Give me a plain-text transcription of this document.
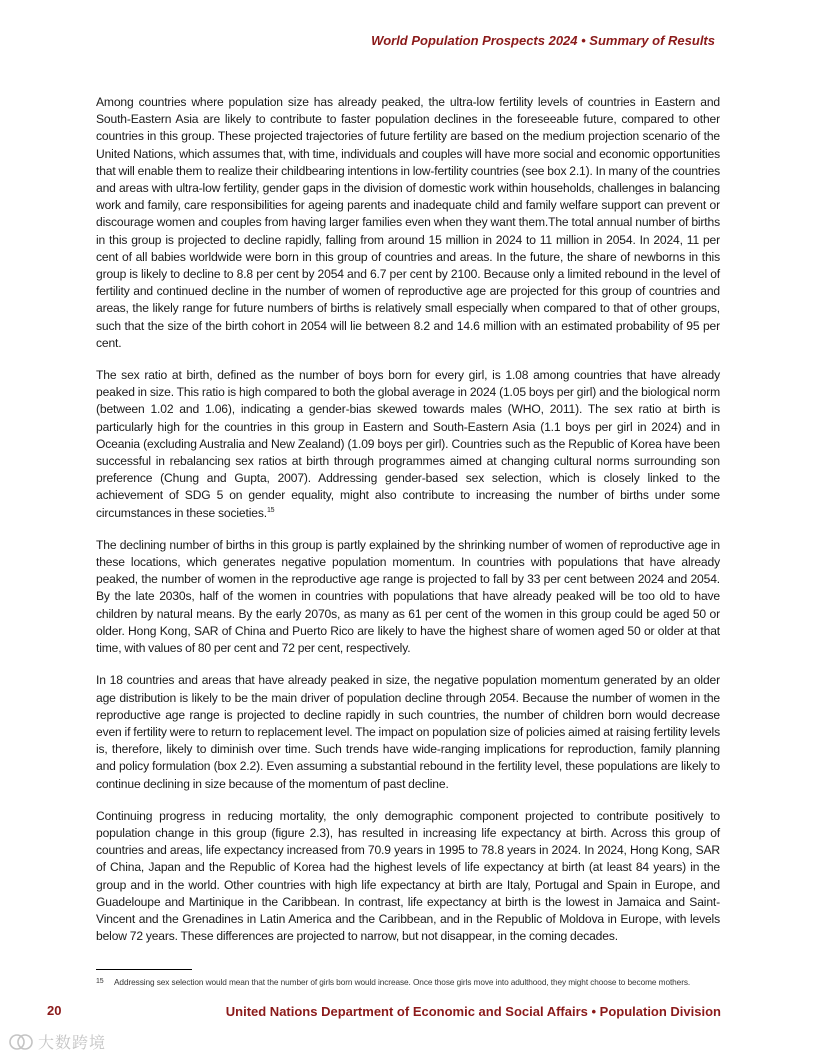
World Population Prospects 2024 • Summary of Results

Among countries where population size has already peaked, the ultra-low fertility levels of countries in Eastern and South-Eastern Asia are likely to contribute to faster population declines in the foreseeable future, compared to other countries in this group. These projected trajectories of future fertility are based on the medium projection scenario of the United Nations, which assumes that, with time, individuals and couples will have more social and economic opportunities that will enable them to realize their childbearing intentions in low-fertility countries (see box 2.1). In many of the countries and areas with ultra-low fertility, gender gaps in the division of domestic work within households, challenges in balancing work and family, care responsibilities for ageing parents and inadequate child and family welfare support can prevent or discourage women and couples from having larger families even when they want them.The total annual number of births in this group is projected to decline rapidly, falling from around 15 million in 2024 to 11 million in 2054. In 2024, 11 per cent of all babies worldwide were born in this group of countries and areas. In the future, the share of newborns in this group is likely to decline to 8.8 per cent by 2054 and 6.7 per cent by 2100. Because only a limited rebound in the level of fertility and continued decline in the number of women of reproductive age are projected for this group of countries and areas, the likely range for future numbers of births is relatively small especially when compared to that of other groups, such that the size of the birth cohort in 2054 will lie between 8.2 and 14.6 million with an estimated probability of 95 per cent.

The sex ratio at birth, defined as the number of boys born for every girl, is 1.08 among countries that have already peaked in size. This ratio is high compared to both the global average in 2024 (1.05 boys per girl) and the biological norm (between 1.02 and 1.06), indicating a gender-bias skewed towards males (WHO, 2011). The sex ratio at birth is particularly high for the countries in this group in Eastern and South-Eastern Asia (1.1 boys per girl in 2024) and in Oceania (excluding Australia and New Zealand) (1.09 boys per girl). Countries such as the Republic of Korea have been successful in rebalancing sex ratios at birth through programmes aimed at changing cultural norms surrounding son preference (Chung and Gupta, 2007). Addressing gender-based sex selection, which is closely linked to the achievement of SDG 5 on gender equality, might also contribute to increasing the number of births under some circumstances in these societies.$^{15}$

The declining number of births in this group is partly explained by the shrinking number of women of reproductive age in these locations, which generates negative population momentum. In countries with populations that have already peaked, the number of women in the reproductive age range is projected to fall by 33 per cent between 2024 and 2054. By the late 2030s, half of the women in countries with populations that have already peaked will be too old to have children by natural means. By the early 2070s, as many as 61 per cent of the women in this group could be aged 50 or older. Hong Kong, SAR of China and Puerto Rico are likely to have the highest share of women aged 50 or older at that time, with values of 80 per cent and 72 per cent, respectively.

In 18 countries and areas that have already peaked in size, the negative population momentum generated by an older age distribution is likely to be the main driver of population decline through 2054. Because the number of women in the reproductive age range is projected to decline rapidly in such countries, the number of children born would decrease even if fertility were to return to replacement level. The impact on population size of policies aimed at raising fertility levels is, therefore, likely to diminish over time. Such trends have wide-ranging implications for reproduction, family planning and policy formulation (box 2.2). Even assuming a substantial rebound in the fertility level, these populations are likely to continue declining in size because of the momentum of past decline.

Continuing progress in reducing mortality, the only demographic component projected to contribute positively to population change in this group (figure 2.3), has resulted in increasing life expectancy at birth. Across this group of countries and areas, life expectancy increased from 70.9 years in 1995 to 78.8 years in 2024. In 2024, Hong Kong, SAR of China, Japan and the Republic of Korea had the highest levels of life expectancy at birth (at least 84 years) in the group and in the world. Other countries with high life expectancy at birth are Italy, Portugal and Spain in Europe, and Guadeloupe and Martinique in the Caribbean. In contrast, life expectancy at birth is the lowest in Jamaica and Saint-Vincent and the Grenadines in Latin America and the Caribbean, and in the Republic of Moldova in Europe, with levels below 72 years. These differences are projected to narrow, but not disappear, in the coming decades.

15 Addressing sex selection would mean that the number of girls born would increase. Once those girls move into adulthood, they might choose to become mothers.
20	United Nations Department of Economic and Social Affairs • Population Division
大数跨境
